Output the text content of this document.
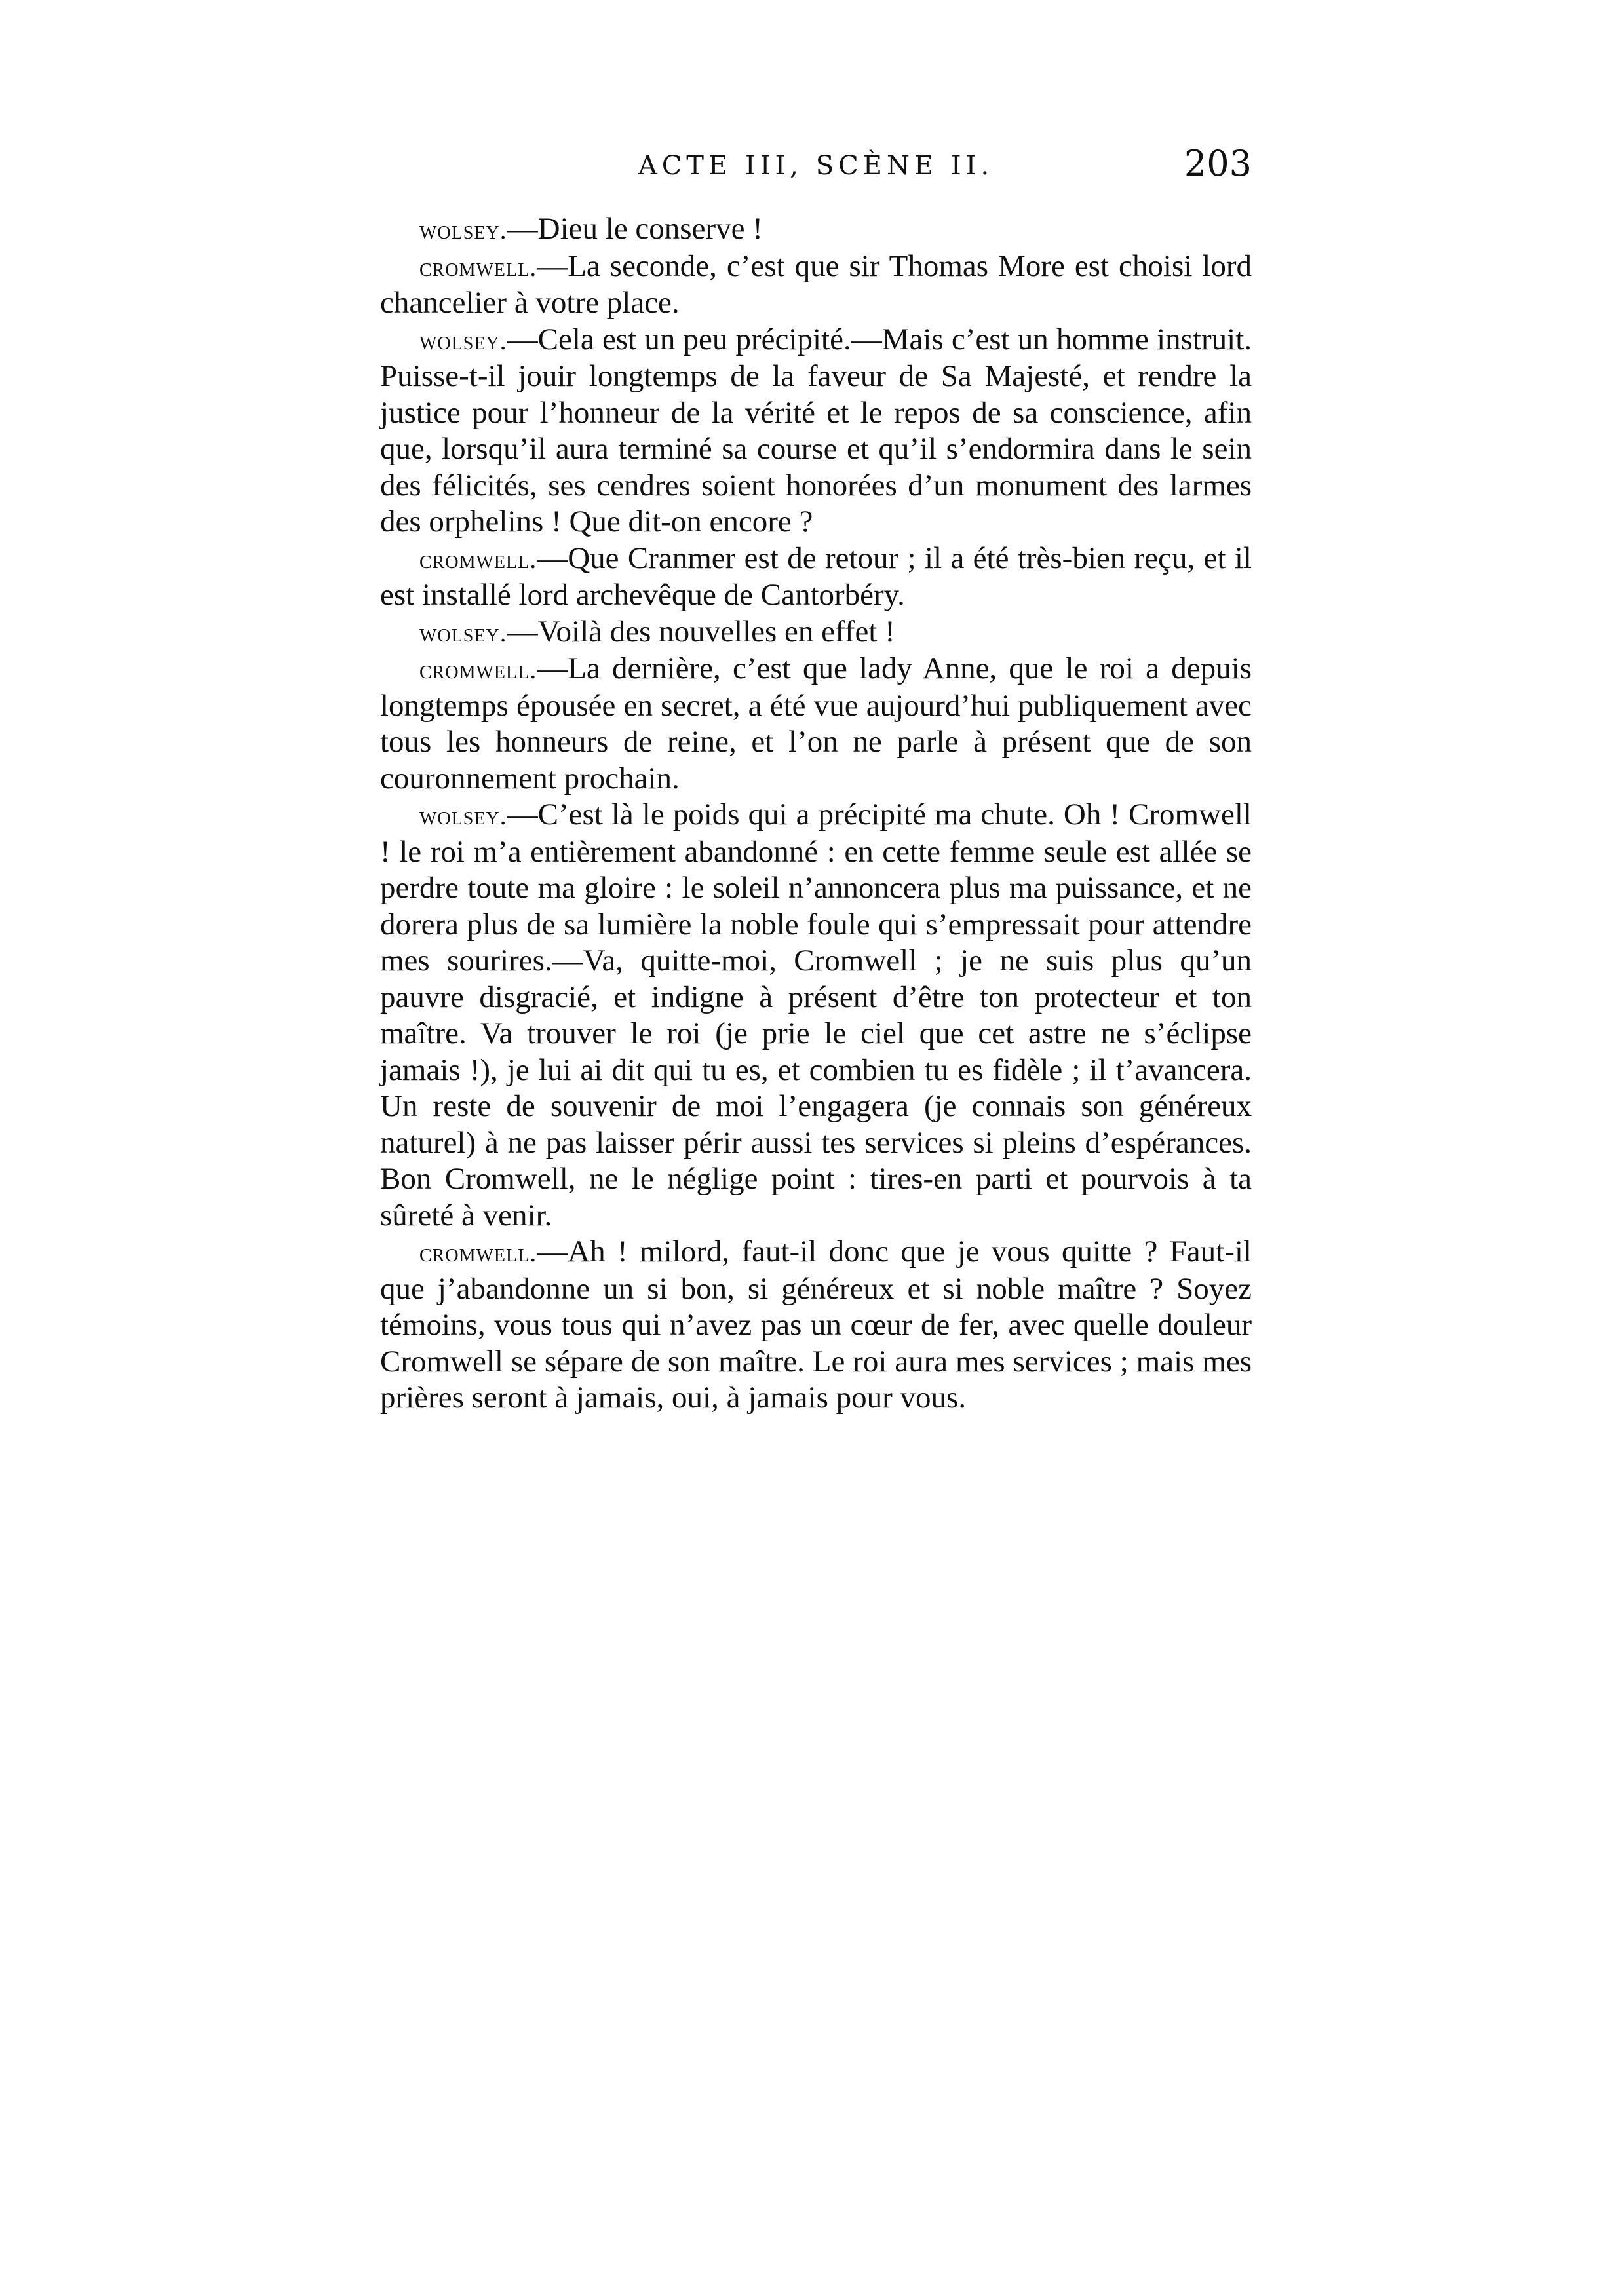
ACTE III, SCÈNE II.	203

wolsey.—Dieu le conserve !

cromwell.—La seconde, c’est que sir Thomas More est choisi lord chancelier à votre place.

wolsey.—Cela est un peu précipité.—Mais c’est un homme instruit. Puisse-t-il jouir longtemps de la faveur de Sa Majesté, et rendre la justice pour l’honneur de la vérité et le repos de sa conscience, afin que, lorsqu’il aura terminé sa course et qu’il s’endormira dans le sein des félicités, ses cendres soient honorées d’un monument des larmes des orphelins ! Que dit-on encore ?

cromwell.—Que Cranmer est de retour ; il a été très-bien reçu, et il est installé lord archevêque de Cantorbéry.

wolsey.—Voilà des nouvelles en effet !

cromwell.—La dernière, c’est que lady Anne, que le roi a depuis longtemps épousée en secret, a été vue aujourd’hui publiquement avec tous les honneurs de reine, et l’on ne parle à présent que de son couronnement prochain.

wolsey.—C’est là le poids qui a précipité ma chute. Oh ! Cromwell ! le roi m’a entièrement abandonné : en cette femme seule est allée se perdre toute ma gloire : le soleil n’annoncera plus ma puissance, et ne dorera plus de sa lumière la noble foule qui s’empressait pour attendre mes sourires.—Va, quitte-moi, Cromwell ; je ne suis plus qu’un pauvre disgracié, et indigne à présent d’être ton protecteur et ton maître. Va trouver le roi (je prie le ciel que cet astre ne s’éclipse jamais !), je lui ai dit qui tu es, et combien tu es fidèle ; il t’avancera. Un reste de souvenir de moi l’engagera (je connais son généreux naturel) à ne pas laisser périr aussi tes services si pleins d’espérances. Bon Cromwell, ne le néglige point : tires-en parti et pourvois à ta sûreté à venir.

cromwell.—Ah ! milord, faut-il donc que je vous quitte ? Faut-il que j’abandonne un si bon, si généreux et si noble maître ? Soyez témoins, vous tous qui n’avez pas un cœur de fer, avec quelle douleur Cromwell se sépare de son maître. Le roi aura mes services ; mais mes prières seront à jamais, oui, à jamais pour vous.
